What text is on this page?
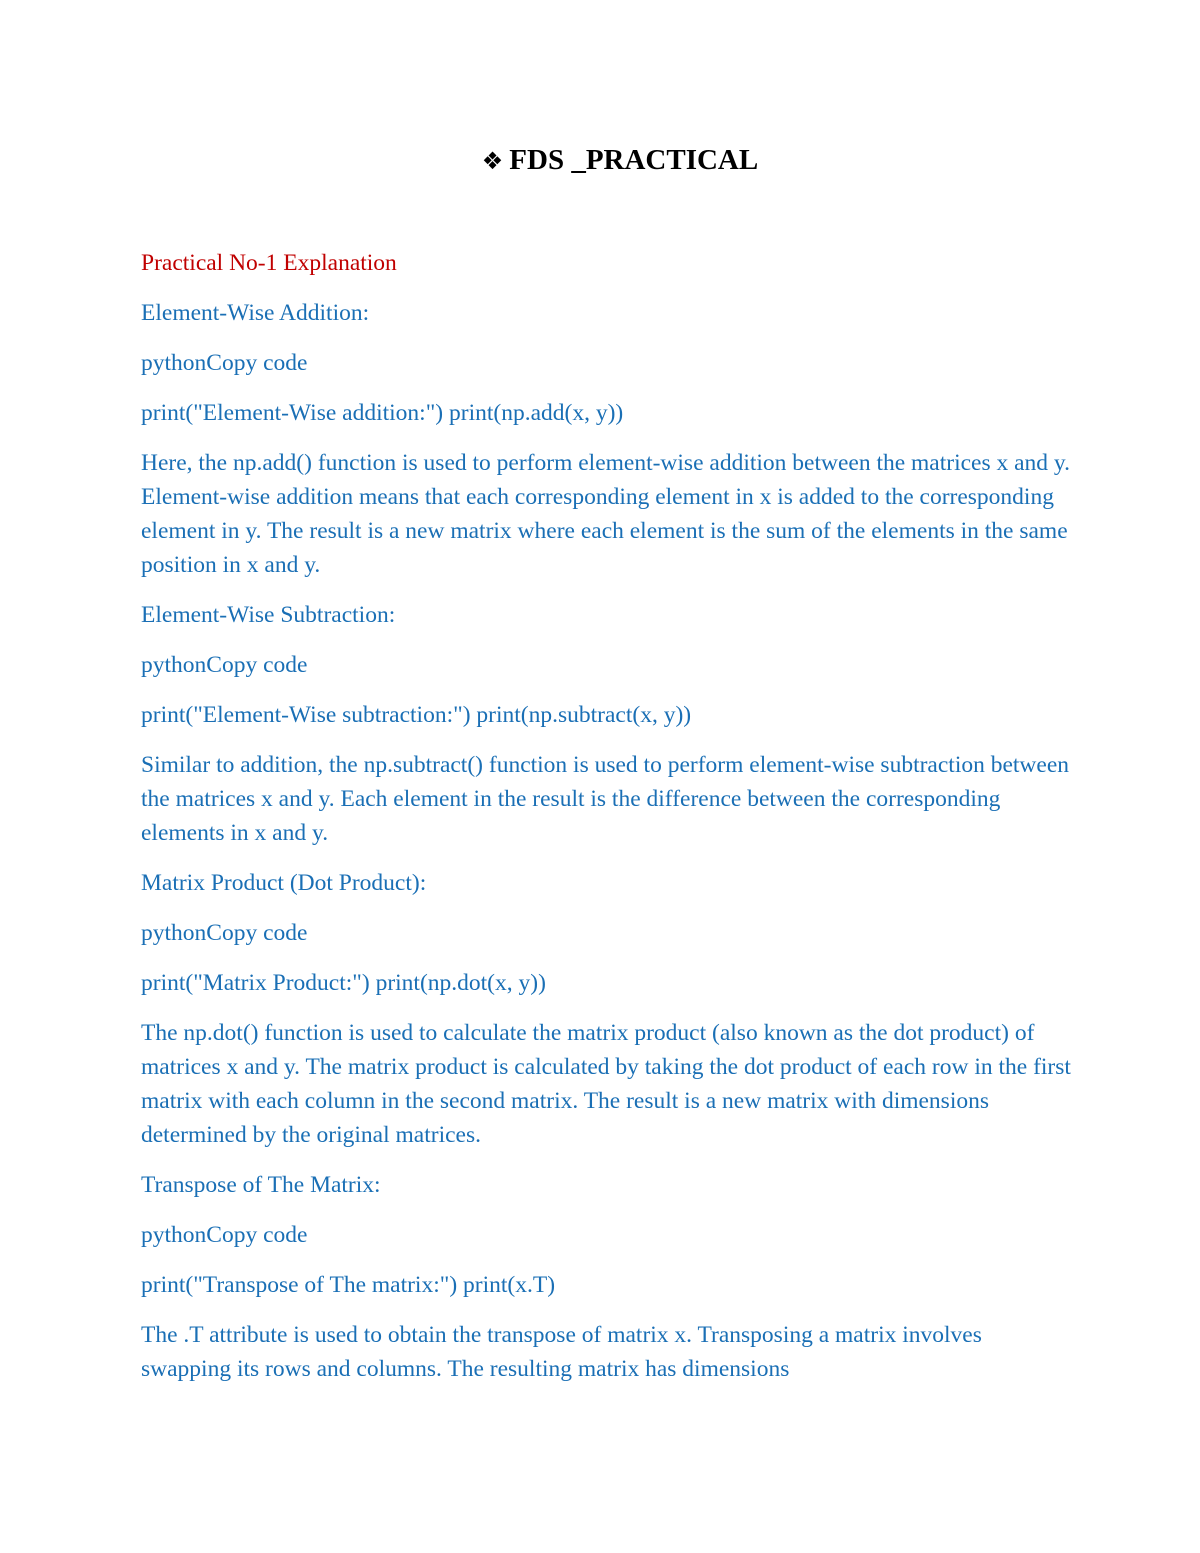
❖ FDS _PRACTICAL

Practical No-1 Explanation

Element-Wise Addition:

pythonCopy code

print("Element-Wise addition:") print(np.add(x, y))

Here, the np.add() function is used to perform element-wise addition between the matrices x and y. Element-wise addition means that each corresponding element in x is added to the corresponding element in y. The result is a new matrix where each element is the sum of the elements in the same position in x and y.

Element-Wise Subtraction:

pythonCopy code

print("Element-Wise subtraction:") print(np.subtract(x, y))

Similar to addition, the np.subtract() function is used to perform element-wise subtraction between the matrices x and y. Each element in the result is the difference between the corresponding elements in x and y.

Matrix Product (Dot Product):

pythonCopy code

print("Matrix Product:") print(np.dot(x, y))

The np.dot() function is used to calculate the matrix product (also known as the dot product) of matrices x and y. The matrix product is calculated by taking the dot product of each row in the first matrix with each column in the second matrix. The result is a new matrix with dimensions determined by the original matrices.

Transpose of The Matrix:

pythonCopy code

print("Transpose of The matrix:") print(x.T)

The .T attribute is used to obtain the transpose of matrix x. Transposing a matrix involves swapping its rows and columns. The resulting matrix has dimensions
